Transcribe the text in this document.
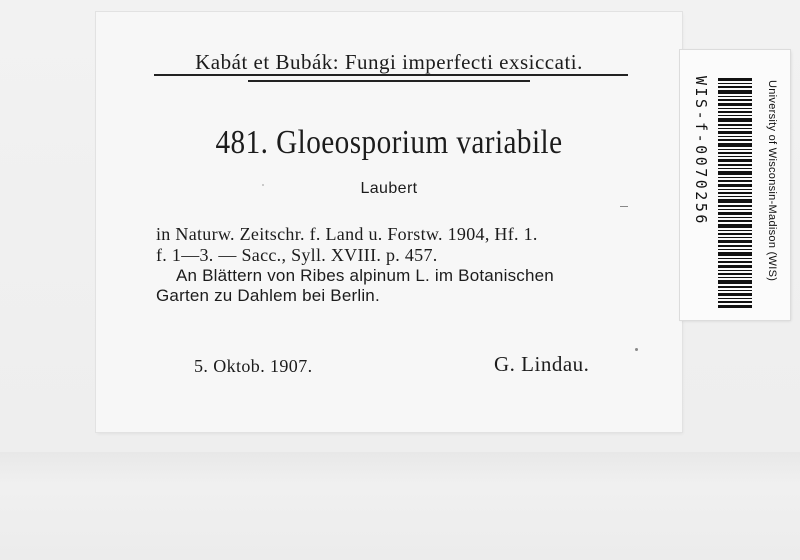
Kabát et Bubák: Fungi imperfecti exsiccati.
481. Gloeosporium variabile
Laubert
in Naturw. Zeitschr. f. Land u. Forstw. 1904, Hf. 1.
f. 1—3. — Sacc., Syll. XVIII. p. 457.
An Blättern von Ribes alpinum L. im Botanischen
Garten zu Dahlem bei Berlin.
5. Oktob. 1907.	G. Lindau.
WIS-f-0070256	University of Wisconsin-Madison (WIS)
